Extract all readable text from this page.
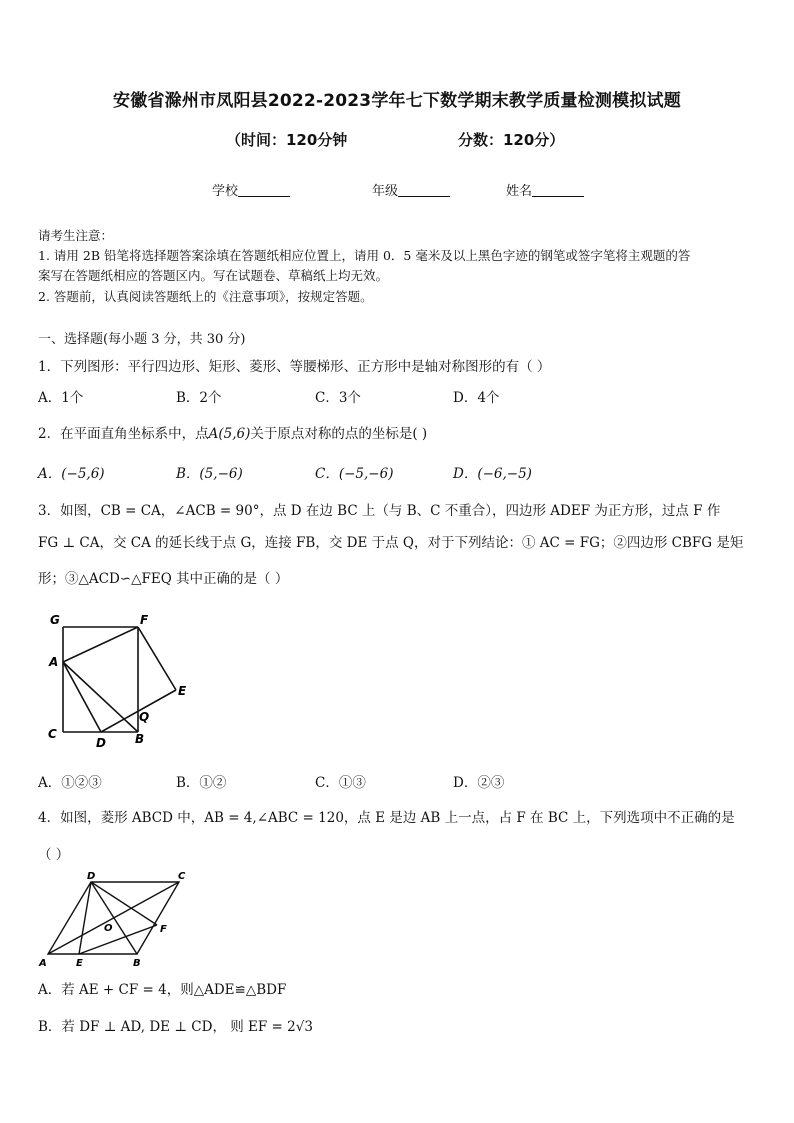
安徽省滁州市凤阳县2022-2023学年七下数学期末教学质量检测模拟试题
（时间：120分钟	分数：120分）
学校	年级	姓名
请考生注意：
1. 请用 2B 铅笔将选择题答案涂填在答题纸相应位置上，请用 0．5 毫米及以上黑色字迹的钢笔或签字笔将主观题的答
案写在答题纸相应的答题区内。写在试题卷、草稿纸上均无效。
2. 答题前，认真阅读答题纸上的《注意事项》，按规定答题。
一、选择题(每小题 3 分，共 30 分)
1．下列图形：平行四边形、矩形、菱形、等腰梯形、正方形中是轴对称图形的有（ ）
A．1个	B．2个	C．3个	D．4个
2．在平面直角坐标系中，点A(5,6)关于原点对称的点的坐标是( )
A．(−5,6)	B．(5,−6)	C．(−5,−6)	D．(−6,−5)
3．如图，CB = CA，∠ACB = 90°，点 D 在边 BC 上（与 B、C 不重合），四边形 ADEF 为正方形，过点 F 作
FG ⊥ CA，交 CA 的延长线于点 G，连接 FB，交 DE 于点 Q，对于下列结论：① AC = FG；②四边形 CBFG 是矩
形；③△ACD∽△FEQ 其中正确的是（ ）
G	F
A
E
Q
C
D B
A．①②③	B．①②	C．①③	D．②③
4．如图，菱形 ABCD 中，AB = 4,∠ABC = 120，点 E 是边 AB 上一点，占 F 在 BC 上，下列选项中不正确的是
（ ）
D	C
O	F
A	E	B
A．若 AE + CF = 4，则△ADE≌△BDF
B．若 DF ⊥ AD, DE ⊥ CD， 则 EF = 2√3
